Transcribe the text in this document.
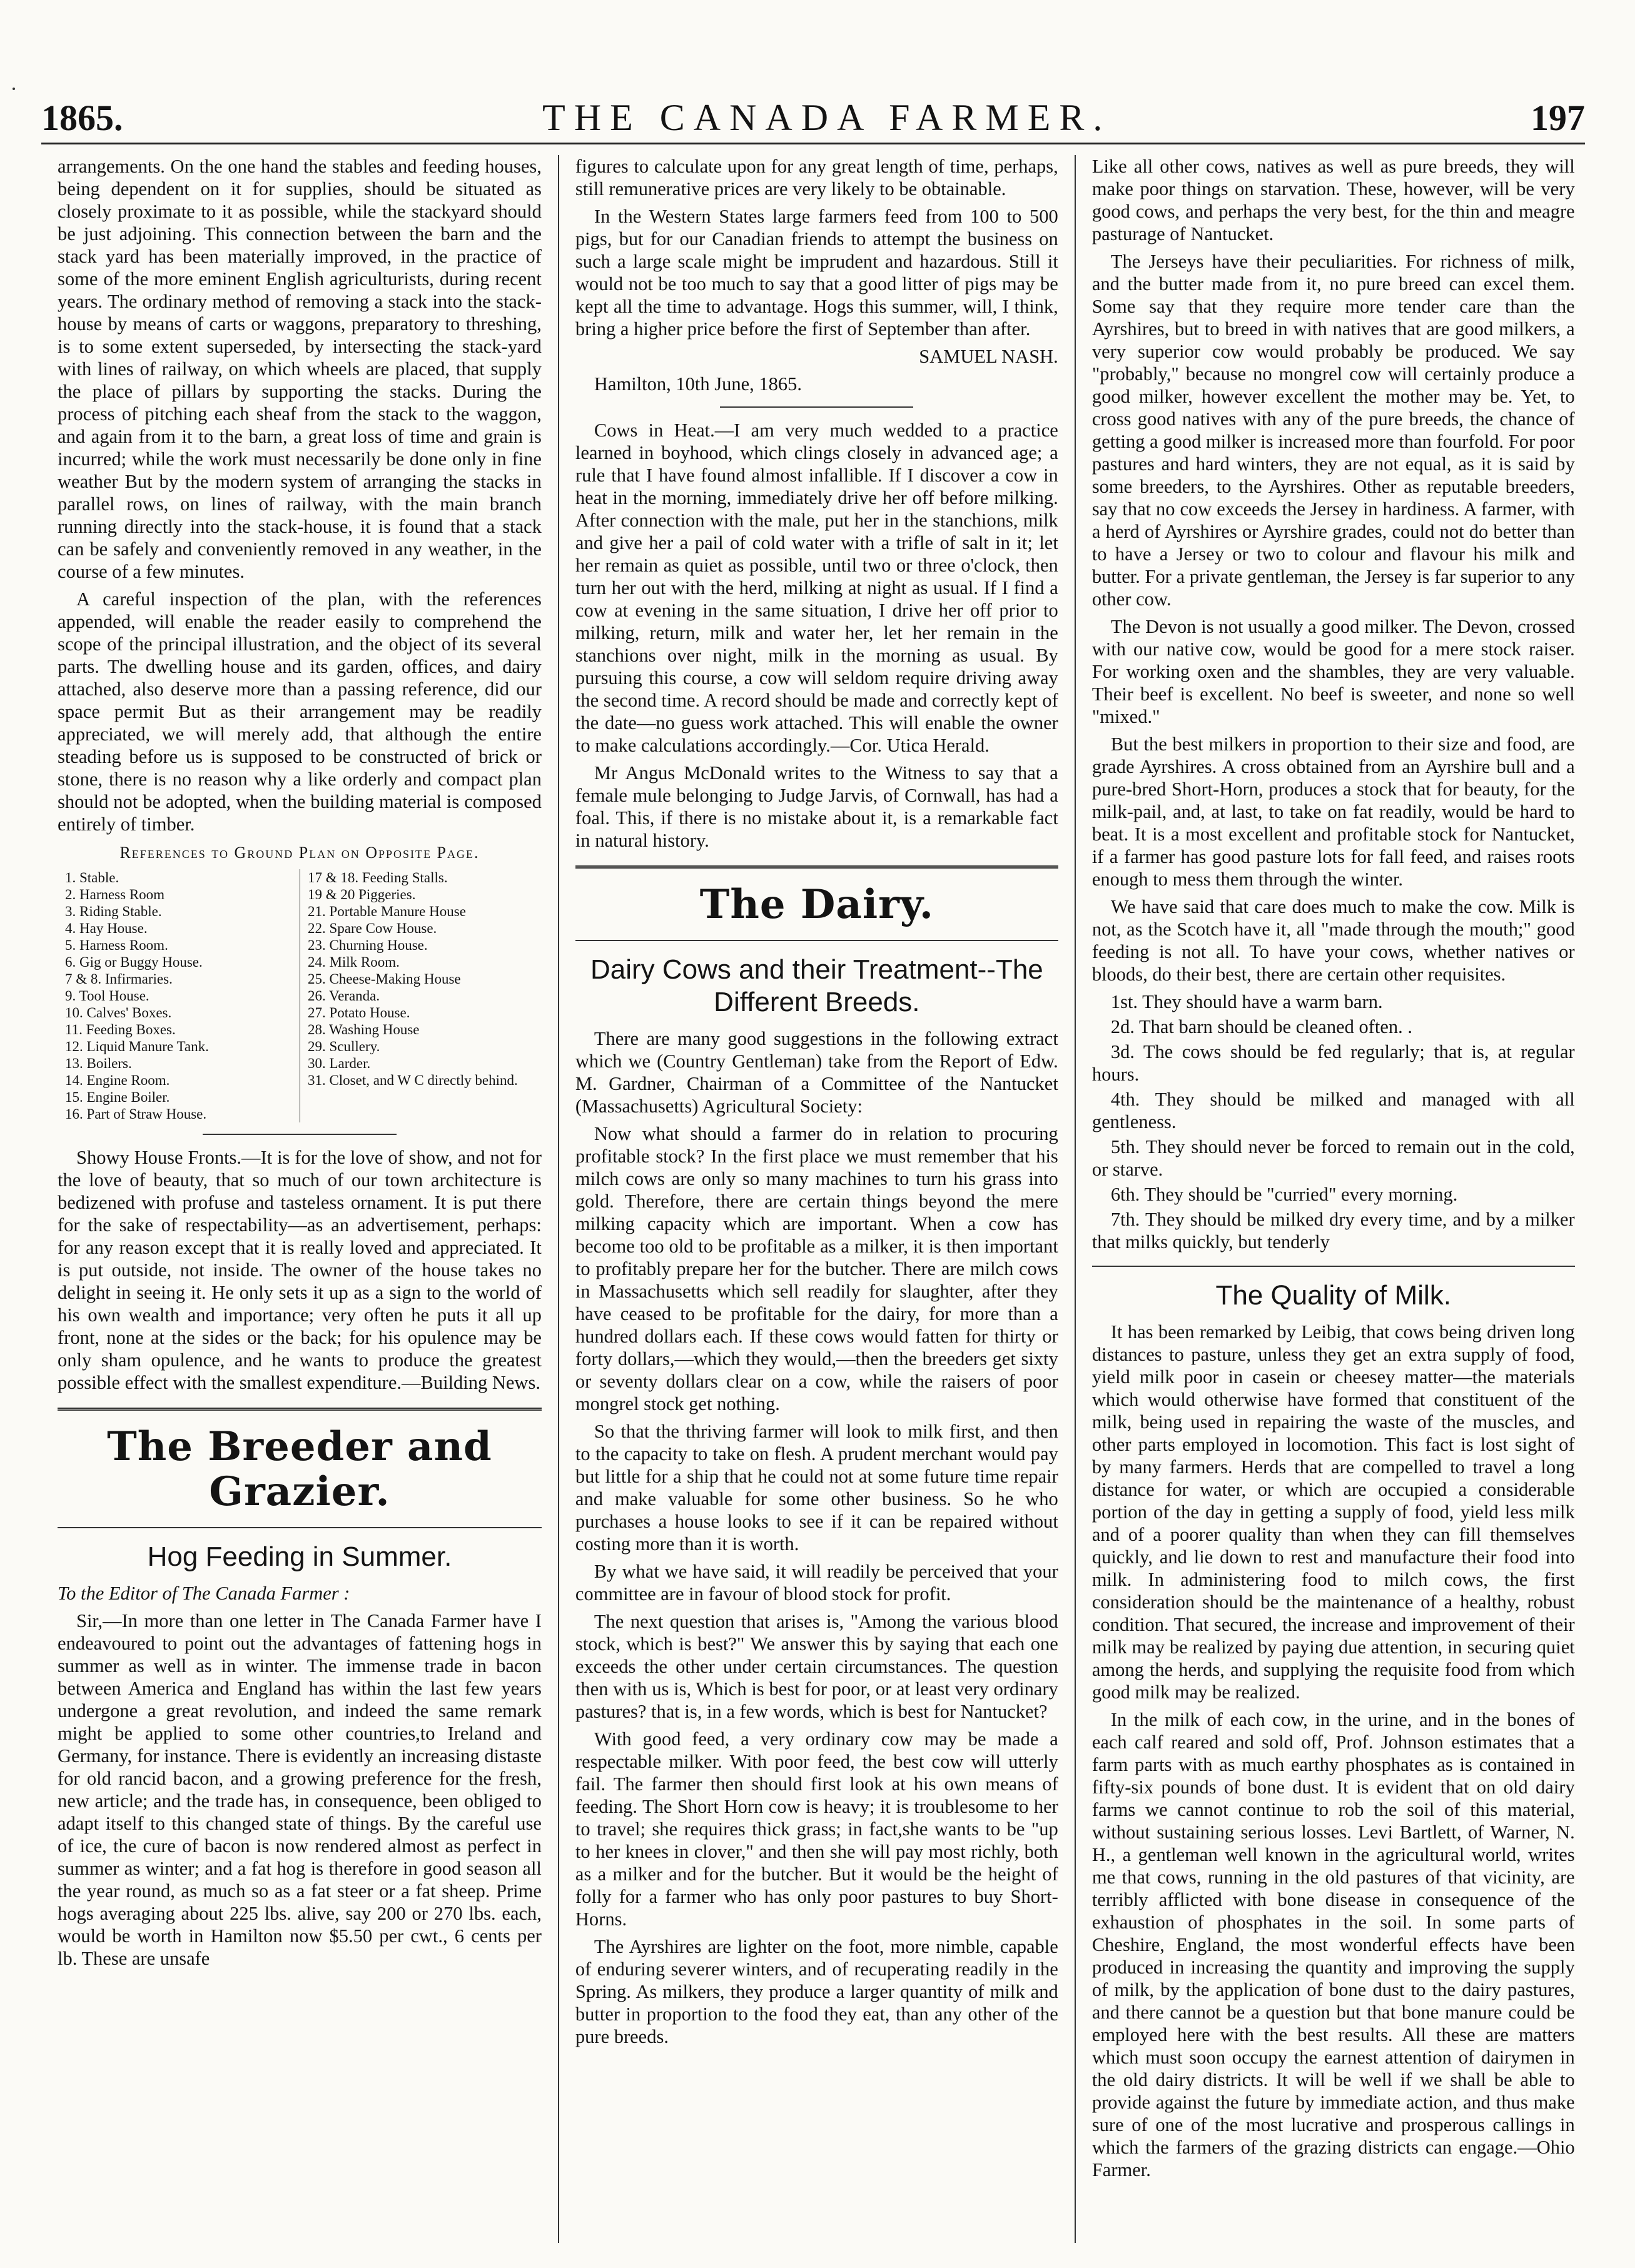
1865.	THE CANADA FARMER.	197

arrangements. On the one hand the stables and feeding houses, being dependent on it for supplies, should be situated as closely proximate to it as possible, while the stackyard should be just adjoining. This connection between the barn and the stack yard has been materially improved, in the practice of some of the more eminent English agriculturists, during recent years. The ordinary method of removing a stack into the stack-house by means of carts or waggons, preparatory to threshing, is to some extent superseded, by intersecting the stack-yard with lines of railway, on which wheels are placed, that supply the place of pillars by supporting the stacks. During the process of pitching each sheaf from the stack to the waggon, and again from it to the barn, a great loss of time and grain is incurred; while the work must necessarily be done only in fine weather But by the modern system of arranging the stacks in parallel rows, on lines of railway, with the main branch running directly into the stack-house, it is found that a stack can be safely and conveniently removed in any weather, in the course of a few minutes.

A careful inspection of the plan, with the references appended, will enable the reader easily to comprehend the scope of the principal illustration, and the object of its several parts. The dwelling house and its garden, offices, and dairy attached, also deserve more than a passing reference, did our space permit But as their arrangement may be readily appreciated, we will merely add, that although the entire steading before us is supposed to be constructed of brick or stone, there is no reason why a like orderly and compact plan should not be adopted, when the building material is composed entirely of timber.

References to Ground Plan on Opposite Page.
1. Stable.
2. Harness Room
3. Riding Stable.
4. Hay House.
5. Harness Room.
6. Gig or Buggy House.
7 & 8. Infirmaries.
9. Tool House.
10. Calves' Boxes.
11. Feeding Boxes.
12. Liquid Manure Tank.
13. Boilers.
14. Engine Room.
15. Engine Boiler.
16. Part of Straw House.
17 & 18. Feeding Stalls.
19 & 20 Piggeries.
21. Portable Manure House
22. Spare Cow House.
23. Churning House.
24. Milk Room.
25. Cheese-Making House
26. Veranda.
27. Potato House.
28. Washing House
29. Scullery.
30. Larder.
31. Closet, and W C directly behind.

Showy House Fronts.—It is for the love of show, and not for the love of beauty, that so much of our town architecture is bedizened with profuse and tasteless ornament. It is put there for the sake of respectability—as an advertisement, perhaps: for any reason except that it is really loved and appreciated. It is put outside, not inside. The owner of the house takes no delight in seeing it. He only sets it up as a sign to the world of his own wealth and importance; very often he puts it all up front, none at the sides or the back; for his opulence may be only sham opulence, and he wants to produce the greatest possible effect with the smallest expenditure.—Building News.

The Breeder and Grazier.
Hog Feeding in Summer.

To the Editor of The Canada Farmer :

Sir,—In more than one letter in The Canada Farmer have I endeavoured to point out the advantages of fattening hogs in summer as well as in winter. The immense trade in bacon between America and England has within the last few years undergone a great revolution, and indeed the same remark might be applied to some other countries,to Ireland and Germany, for instance. There is evidently an increasing distaste for old rancid bacon, and a growing preference for the fresh, new article; and the trade has, in consequence, been obliged to adapt itself to this changed state of things. By the careful use of ice, the cure of bacon is now rendered almost as perfect in summer as winter; and a fat hog is therefore in good season all the year round, as much so as a fat steer or a fat sheep. Prime hogs averaging about 225 lbs. alive, say 200 or 270 lbs. each, would be worth in Hamilton now $5.50 per cwt., 6 cents per lb. These are unsafe

figures to calculate upon for any great length of time, perhaps, still remunerative prices are very likely to be obtainable.

In the Western States large farmers feed from 100 to 500 pigs, but for our Canadian friends to attempt the business on such a large scale might be imprudent and hazardous. Still it would not be too much to say that a good litter of pigs may be kept all the time to advantage. Hogs this summer, will, I think, bring a higher price before the first of September than after.

SAMUEL NASH.

Hamilton, 10th June, 1865.

Cows in Heat.—I am very much wedded to a practice learned in boyhood, which clings closely in advanced age; a rule that I have found almost infallible. If I discover a cow in heat in the morning, immediately drive her off before milking. After connection with the male, put her in the stanchions, milk and give her a pail of cold water with a trifle of salt in it; let her remain as quiet as possible, until two or three o'clock, then turn her out with the herd, milking at night as usual. If I find a cow at evening in the same situation, I drive her off prior to milking, return, milk and water her, let her remain in the stanchions over night, milk in the morning as usual. By pursuing this course, a cow will seldom require driving away the second time. A record should be made and correctly kept of the date—no guess work attached. This will enable the owner to make calculations accordingly.—Cor. Utica Herald.

Mr Angus McDonald writes to the Witness to say that a female mule belonging to Judge Jarvis, of Cornwall, has had a foal. This, if there is no mistake about it, is a remarkable fact in natural history.

The Dairy.
Dairy Cows and their Treatment--The Different Breeds.

There are many good suggestions in the following extract which we (Country Gentleman) take from the Report of Edw. M. Gardner, Chairman of a Committee of the Nantucket (Massachusetts) Agricultural Society:

Now what should a farmer do in relation to procuring profitable stock? In the first place we must remember that his milch cows are only so many machines to turn his grass into gold. Therefore, there are certain things beyond the mere milking capacity which are important. When a cow has become too old to be profitable as a milker, it is then important to profitably prepare her for the butcher. There are milch cows in Massachusetts which sell readily for slaughter, after they have ceased to be profitable for the dairy, for more than a hundred dollars each. If these cows would fatten for thirty or forty dollars,—which they would,—then the breeders get sixty or seventy dollars clear on a cow, while the raisers of poor mongrel stock get nothing.

So that the thriving farmer will look to milk first, and then to the capacity to take on flesh. A prudent merchant would pay but little for a ship that he could not at some future time repair and make valuable for some other business. So he who purchases a house looks to see if it can be repaired without costing more than it is worth.

By what we have said, it will readily be perceived that your committee are in favour of blood stock for profit.

The next question that arises is, "Among the various blood stock, which is best?" We answer this by saying that each one exceeds the other under certain circumstances. The question then with us is, Which is best for poor, or at least very ordinary pastures? that is, in a few words, which is best for Nantucket?

With good feed, a very ordinary cow may be made a respectable milker. With poor feed, the best cow will utterly fail. The farmer then should first look at his own means of feeding. The Short Horn cow is heavy; it is troublesome to her to travel; she requires thick grass; in fact,she wants to be "up to her knees in clover," and then she will pay most richly, both as a milker and for the butcher. But it would be the height of folly for a farmer who has only poor pastures to buy Short-Horns.

The Ayrshires are lighter on the foot, more nimble, capable of enduring severer winters, and of recuperating readily in the Spring. As milkers, they produce a larger quantity of milk and butter in proportion to the food they eat, than any other of the pure breeds.

Like all other cows, natives as well as pure breeds, they will make poor things on starvation. These, however, will be very good cows, and perhaps the very best, for the thin and meagre pasturage of Nantucket.

The Jerseys have their peculiarities. For richness of milk, and the butter made from it, no pure breed can excel them. Some say that they require more tender care than the Ayrshires, but to breed in with natives that are good milkers, a very superior cow would probably be produced. We say "probably," because no mongrel cow will certainly produce a good milker, however excellent the mother may be. Yet, to cross good natives with any of the pure breeds, the chance of getting a good milker is increased more than fourfold. For poor pastures and hard winters, they are not equal, as it is said by some breeders, to the Ayrshires. Other as reputable breeders, say that no cow exceeds the Jersey in hardiness. A farmer, with a herd of Ayrshires or Ayrshire grades, could not do better than to have a Jersey or two to colour and flavour his milk and butter. For a private gentleman, the Jersey is far superior to any other cow.

The Devon is not usually a good milker. The Devon, crossed with our native cow, would be good for a mere stock raiser. For working oxen and the shambles, they are very valuable. Their beef is excellent. No beef is sweeter, and none so well "mixed."

But the best milkers in proportion to their size and food, are grade Ayrshires. A cross obtained from an Ayrshire bull and a pure-bred Short-Horn, produces a stock that for beauty, for the milk-pail, and, at last, to take on fat readily, would be hard to beat. It is a most excellent and profitable stock for Nantucket, if a farmer has good pasture lots for fall feed, and raises roots enough to mess them through the winter.

We have said that care does much to make the cow. Milk is not, as the Scotch have it, all "made through the mouth;" good feeding is not all. To have your cows, whether natives or bloods, do their best, there are certain other requisites.

1st. They should have a warm barn.

2d. That barn should be cleaned often. .

3d. The cows should be fed regularly; that is, at regular hours.

4th. They should be milked and managed with all gentleness.

5th. They should never be forced to remain out in the cold, or starve.

6th. They should be "curried" every morning.

7th. They should be milked dry every time, and by a milker that milks quickly, but tenderly

The Quality of Milk.

It has been remarked by Leibig, that cows being driven long distances to pasture, unless they get an extra supply of food, yield milk poor in casein or cheesey matter—the materials which would otherwise have formed that constituent of the milk, being used in repairing the waste of the muscles, and other parts employed in locomotion. This fact is lost sight of by many farmers. Herds that are compelled to travel a long distance for water, or which are occupied a considerable portion of the day in getting a supply of food, yield less milk and of a poorer quality than when they can fill themselves quickly, and lie down to rest and manufacture their food into milk. In administering food to milch cows, the first consideration should be the maintenance of a healthy, robust condition. That secured, the increase and improvement of their milk may be realized by paying due attention, in securing quiet among the herds, and supplying the requisite food from which good milk may be realized.

In the milk of each cow, in the urine, and in the bones of each calf reared and sold off, Prof. Johnson estimates that a farm parts with as much earthy phosphates as is contained in fifty-six pounds of bone dust. It is evident that on old dairy farms we cannot continue to rob the soil of this material, without sustaining serious losses. Levi Bartlett, of Warner, N. H., a gentleman well known in the agricultural world, writes me that cows, running in the old pastures of that vicinity, are terribly afflicted with bone disease in consequence of the exhaustion of phosphates in the soil. In some parts of Cheshire, England, the most wonderful effects have been produced in increasing the quantity and improving the supply of milk, by the application of bone dust to the dairy pastures, and there cannot be a question but that bone manure could be employed here with the best results. All these are matters which must soon occupy the earnest attention of dairymen in the old dairy districts. It will be well if we shall be able to provide against the future by immediate action, and thus make sure of one of the most lucrative and prosperous callings in which the farmers of the grazing districts can engage.—Ohio Farmer.
